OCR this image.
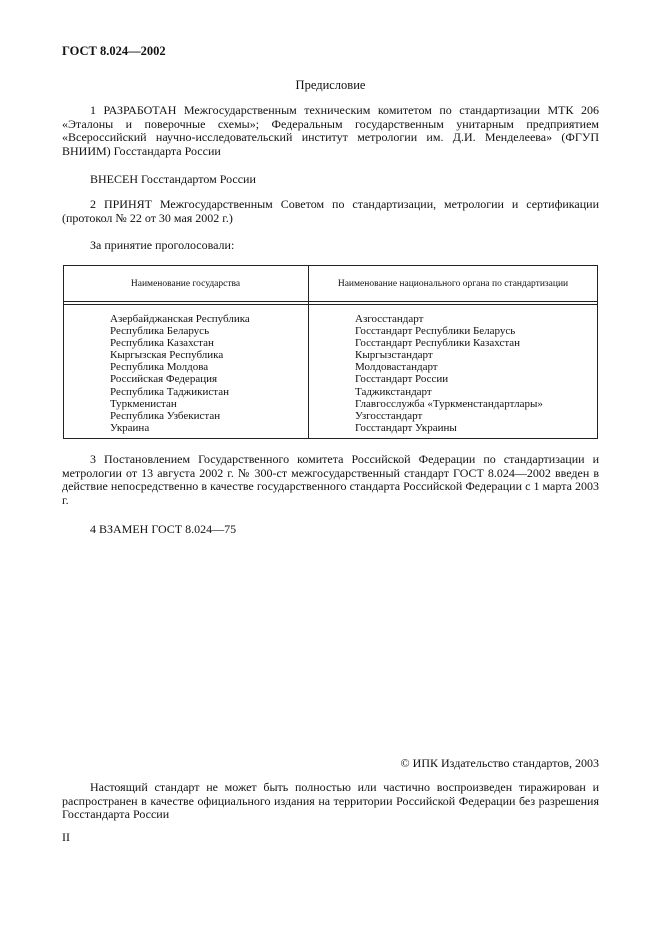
ГОСТ 8.024—2002
Предисловие
1 РАЗРАБОТАН Межгосударственным техническим комитетом по стандартизации МТК 206 «Эталоны и поверочные схемы»; Федеральным государственным унитарным предприятием «Всероссийский научно-исследовательский институт метрологии им. Д.И. Менделеева» (ФГУП ВНИИМ) Госстандарта России
ВНЕСЕН Госстандартом России
2 ПРИНЯТ Межгосударственным Советом по стандартизации, метрологии и сертификации (протокол № 22 от 30 мая 2002 г.)
За принятие проголосовали:
Наименование государства	Наименование национального органа по стандартизации
Азербайджанская Республика
Республика Беларусь
Республика Казахстан
Кыргызская Республика
Республика Молдова
Российская Федерация
Республика Таджикистан
Туркменистан
Республика Узбекистан
Украина
Азгосстандарт
Госстандарт Республики Беларусь
Госстандарт Республики Казахстан
Кыргызстандарт
Молдовастандарт
Госстандарт России
Таджикстандарт
Главгосслужба «Туркменстандартлары»
Узгосстандарт
Госстандарт Украины
3 Постановлением Государственного комитета Российской Федерации по стандартизации и метрологии от 13 августа 2002 г. № 300-ст межгосударственный стандарт ГОСТ 8.024—2002 введен в действие непосредственно в качестве государственного стандарта Российской Федерации с 1 марта 2003 г.
4 ВЗАМЕН ГОСТ 8.024—75
© ИПК Издательство стандартов, 2003
Настоящий стандарт не может быть полностью или частично воспроизведен тиражирован и распространен в качестве официального издания на территории Российской Федерации без разрешения Госстандарта России
II
